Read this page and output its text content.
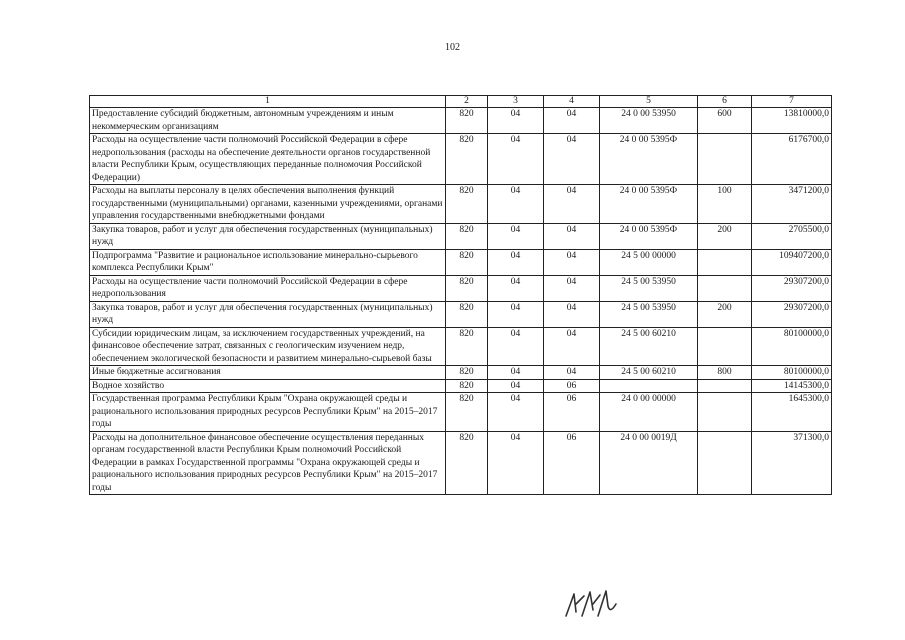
102
1	2	3	4	5	6	7
Предоставление субсидий бюджетным, автономным учреждениям и иным некоммерческим организациям	820	04	04	24 0 00 53950	600	13810000,0
Расходы на осуществление части полномочий Российской Федерации в сфере недропользования (расходы на обеспечение деятельности органов государственной власти Республики Крым, осуществляющих переданные полномочия Российской Федерации)	820	04	04	24 0 00 5395Ф		6176700,0
Расходы на выплаты персоналу в целях обеспечения выполнения функций государственными (муниципальными) органами, казенными учреждениями, органами управления государственными внебюджетными фондами	820	04	04	24 0 00 5395Ф	100	3471200,0
Закупка товаров, работ и услуг для обеспечения государственных (муниципальных) нужд	820	04	04	24 0 00 5395Ф	200	2705500,0
Подпрограмма "Развитие и рациональное использование минерально-сырьевого комплекса Республики Крым"	820	04	04	24 5 00 00000		109407200,0
Расходы на осуществление части полномочий Российской Федерации в сфере недропользования	820	04	04	24 5 00 53950		29307200,0
Закупка товаров, работ и услуг для обеспечения государственных (муниципальных) нужд	820	04	04	24 5 00 53950	200	29307200,0
Субсидии юридическим лицам, за исключением государственных учреждений, на финансовое обеспечение затрат, связанных с геологическим изучением недр, обеспечением экологической безопасности и развитием минерально-сырьевой базы	820	04	04	24 5 00 60210		80100000,0
Иные бюджетные ассигнования	820	04	04	24 5 00 60210	800	80100000,0
Водное хозяйство	820	04	06			14145300,0
Государственная программа Республики Крым "Охрана окружающей среды и рационального использования природных ресурсов Республики Крым" на 2015–2017 годы	820	04	06	24 0 00 00000		1645300,0
Расходы на дополнительное финансовое обеспечение осуществления переданных органам государственной власти Республики Крым полномочий Российской Федерации в рамках Государственной программы "Охрана окружающей среды и рационального использования природных ресурсов Республики Крым" на 2015–2017 годы	820	04	06	24 0 00 0019Д		371300,0
